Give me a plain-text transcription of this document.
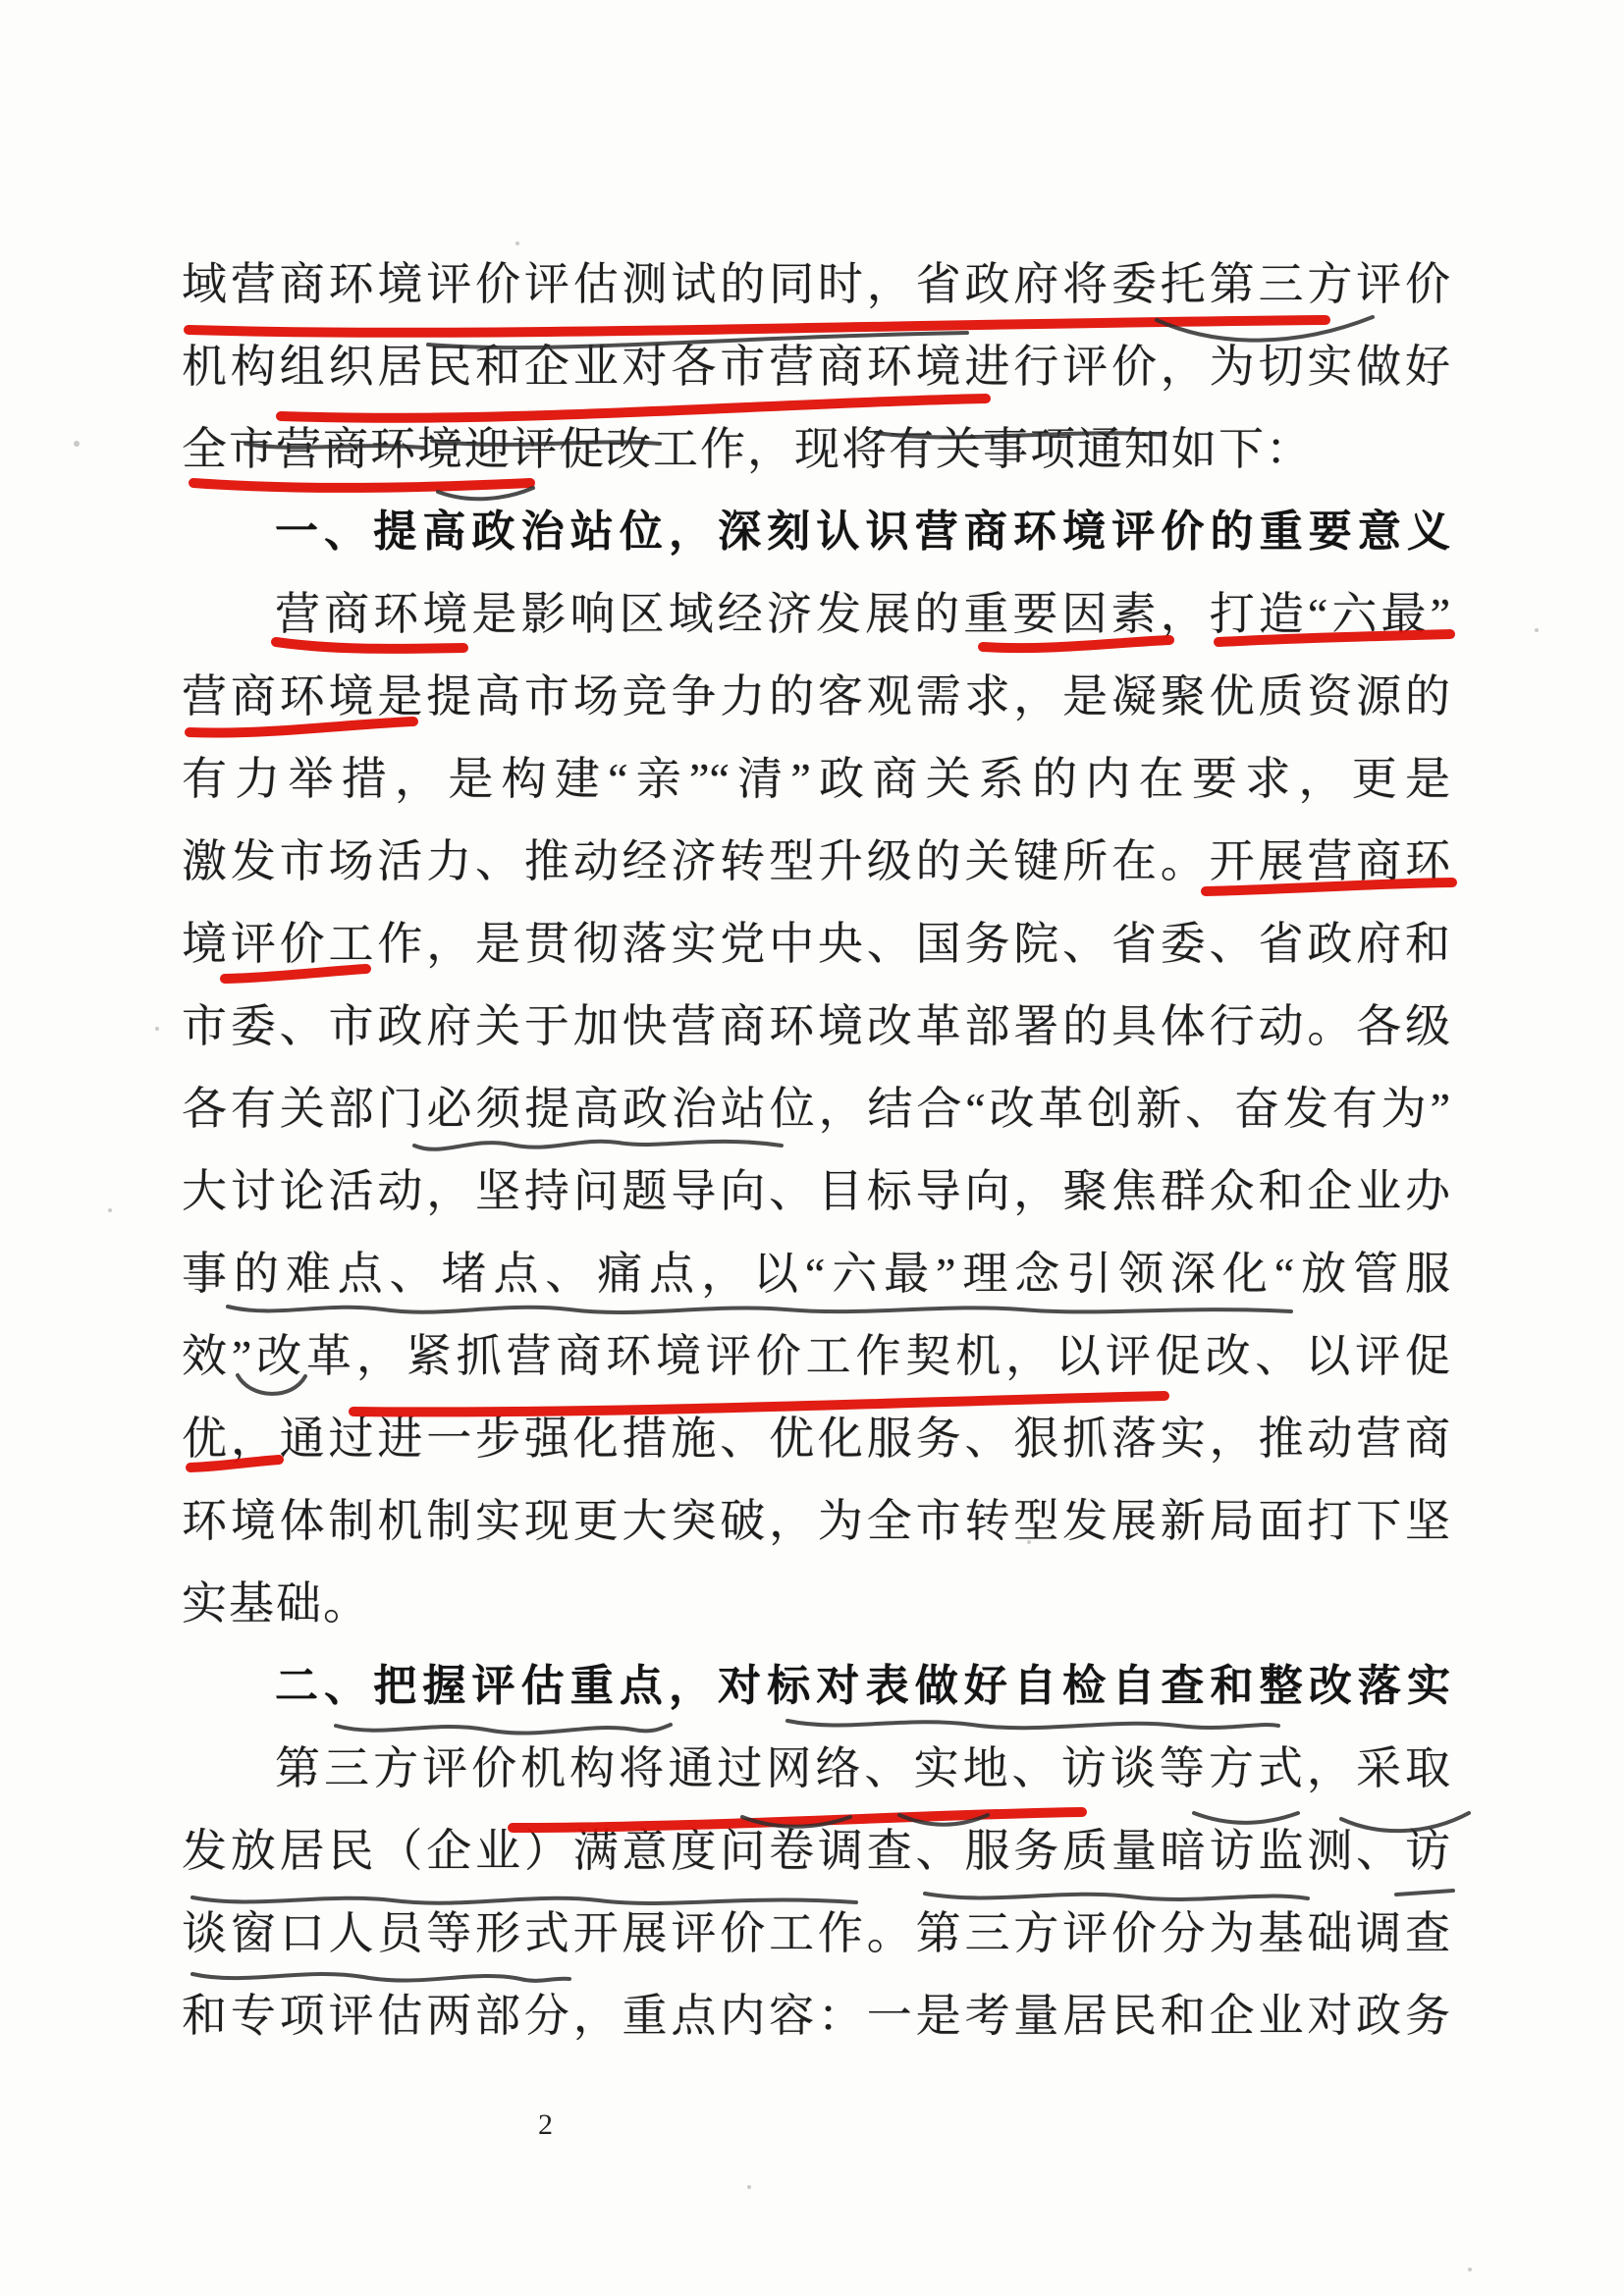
域营商环境评价评估测试的同时，省政府将委托第三方评价
机构组织居民和企业对各市营商环境进行评价，为切实做好
全市营商环境迎评促改工作，现将有关事项通知如下：
一、提高政治站位，深刻认识营商环境评价的重要意义
营商环境是影响区域经济发展的重要因素，打造“六最”
营商环境是提高市场竞争力的客观需求，是凝聚优质资源的
有力举措，是构建“亲”“清”政商关系的内在要求，更是
激发市场活力、推动经济转型升级的关键所在。开展营商环
境评价工作，是贯彻落实党中央、国务院、省委、省政府和
市委、市政府关于加快营商环境改革部署的具体行动。各级
各有关部门必须提高政治站位，结合“改革创新、奋发有为”
大讨论活动，坚持问题导向、目标导向，聚焦群众和企业办
事的难点、堵点、痛点，以“六最”理念引领深化“放管服
效”改革，紧抓营商环境评价工作契机，以评促改、以评促
优，通过进一步强化措施、优化服务、狠抓落实，推动营商
环境体制机制实现更大突破，为全市转型发展新局面打下坚
实基础。
二、把握评估重点，对标对表做好自检自查和整改落实
第三方评价机构将通过网络、实地、访谈等方式，采取
发放居民（企业）满意度问卷调查、服务质量暗访监测、访
谈窗口人员等形式开展评价工作。第三方评价分为基础调查
和专项评估两部分，重点内容：一是考量居民和企业对政务
2
